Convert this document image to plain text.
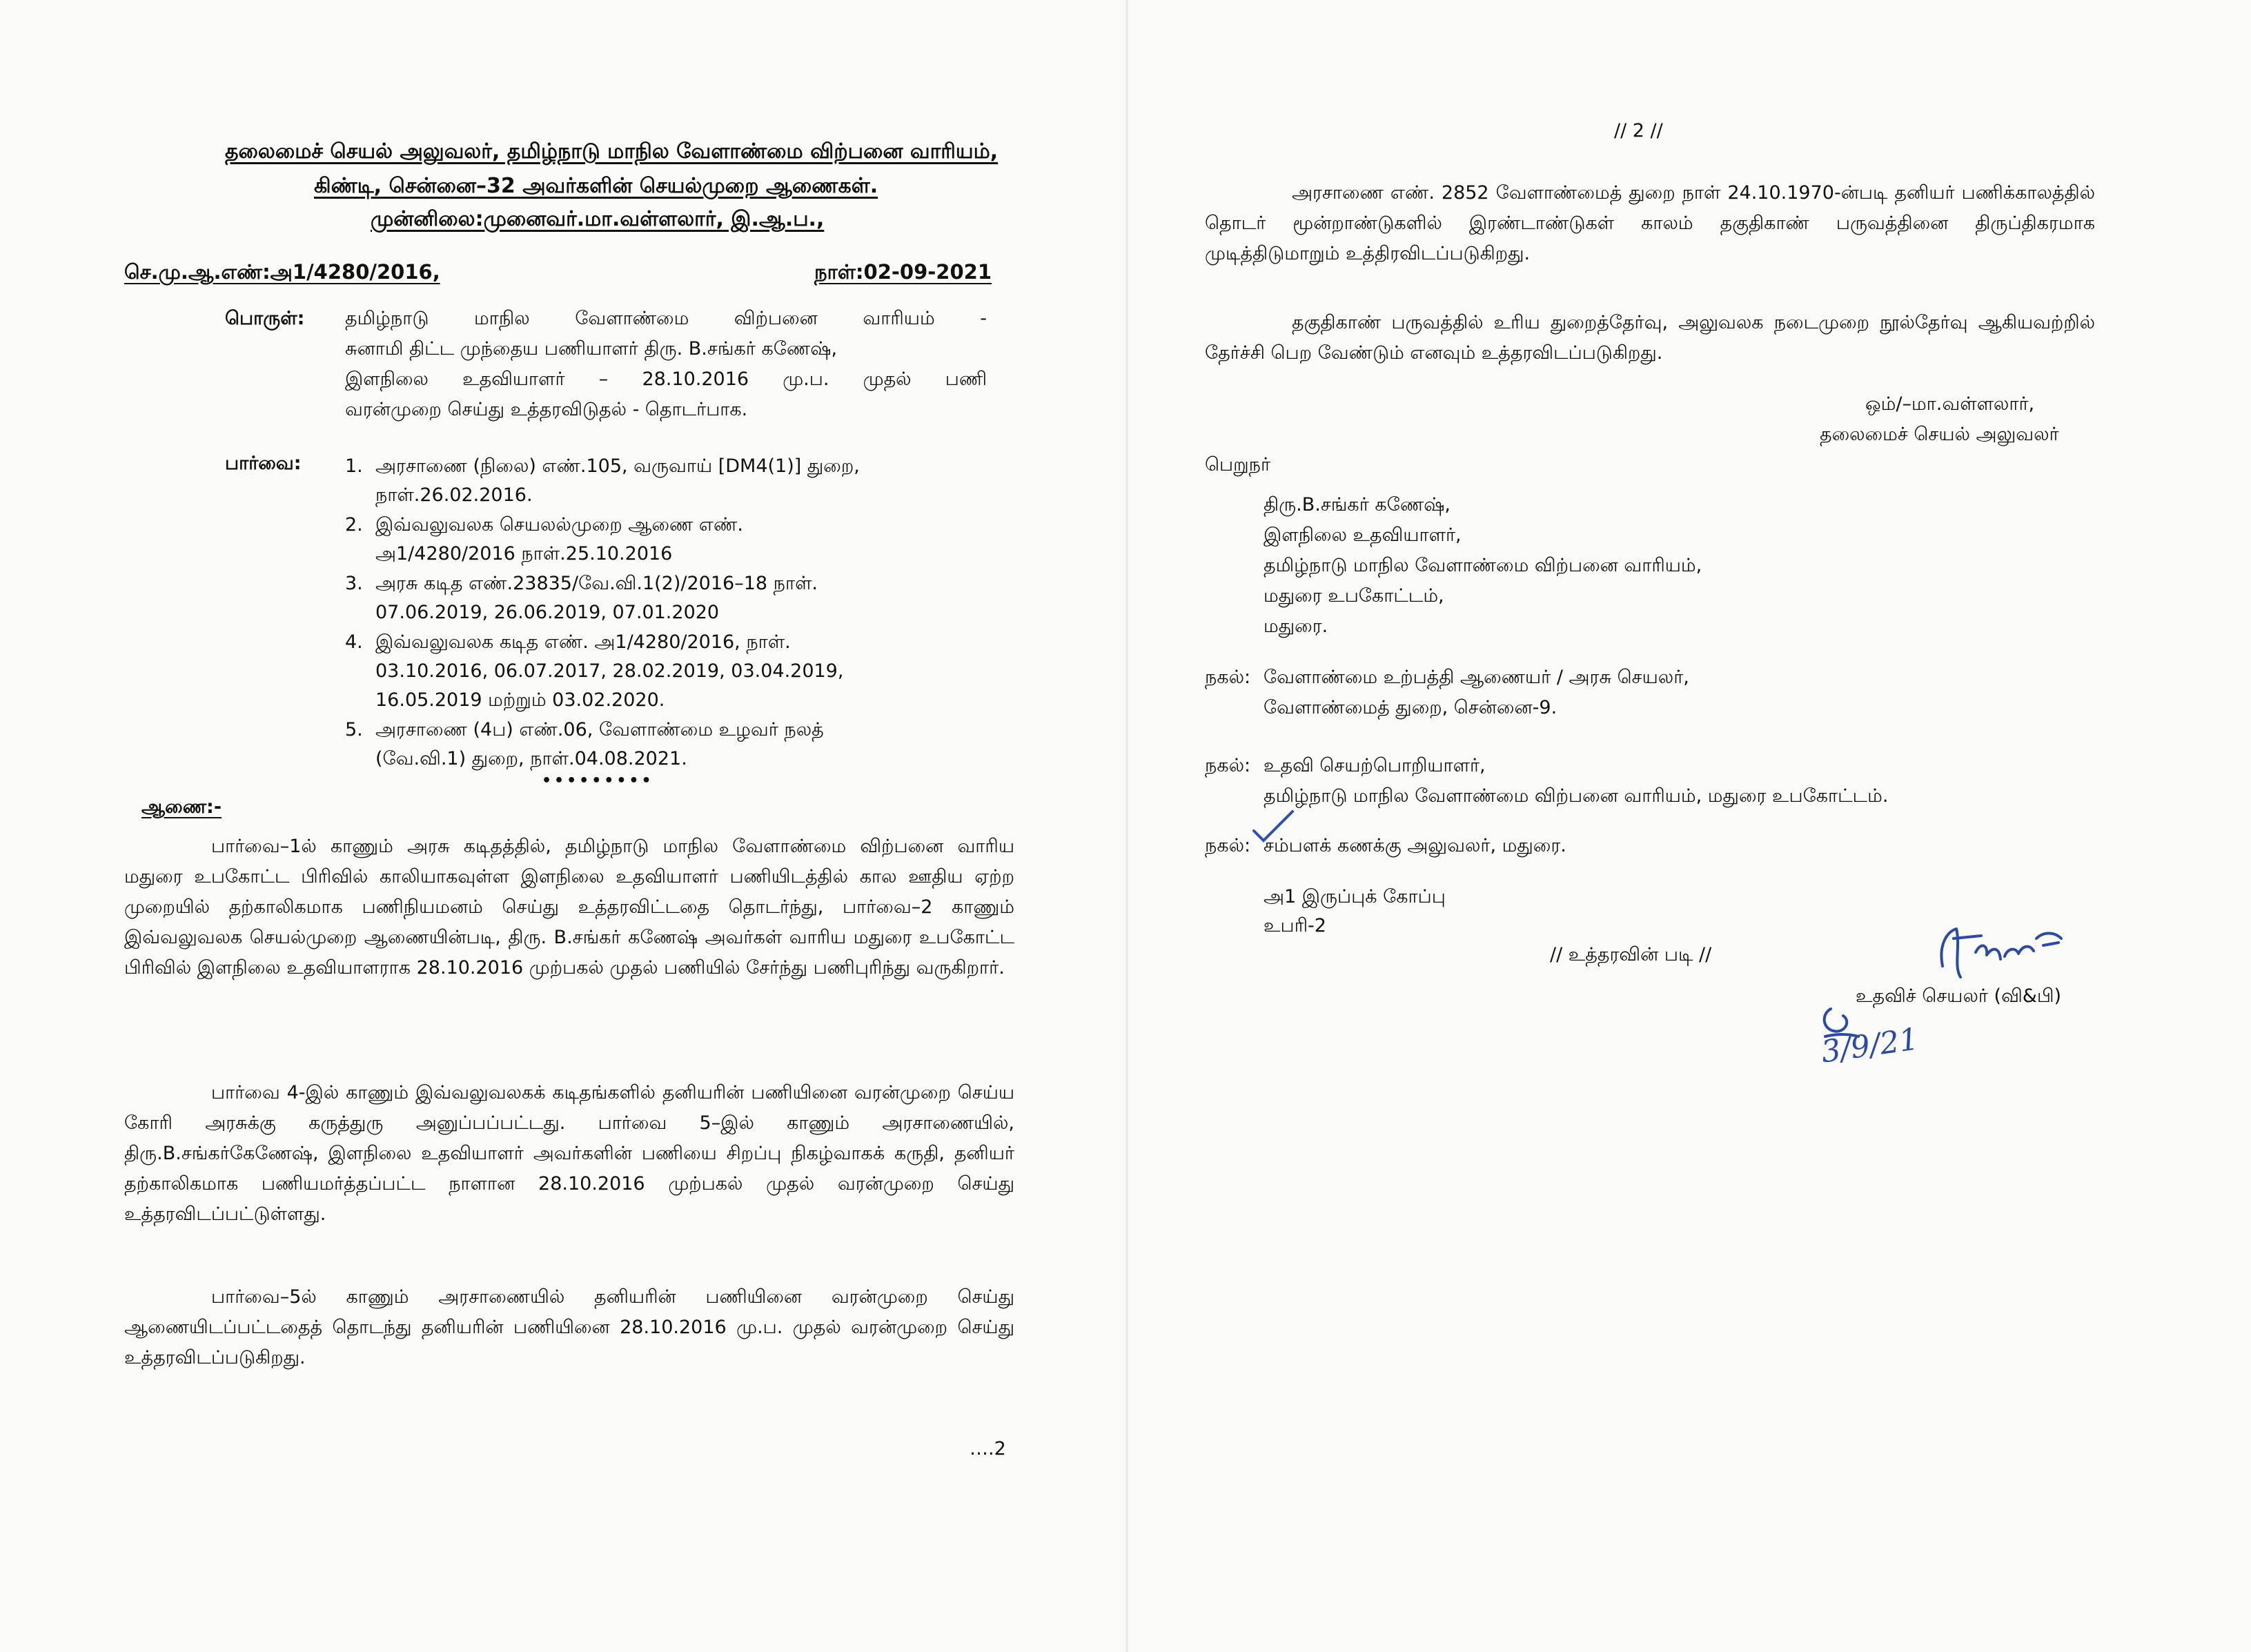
தலைமைச் செயல் அலுவலர், தமிழ்நாடு மாநில வேளாண்மை விற்பனை வாரியம்,
கிண்டி, சென்னை–32 அவர்களின் செயல்முறை ஆணைகள்.
முன்னிலை:முனைவர்.மா.வள்ளலார், இ.ஆ.ப.,
செ.மு.ஆ.எண்:அ1/4280/2016,	நாள்:02-09-2021
பொருள்: தமிழ்நாடு மாநில வேளாண்மை விற்பனை வாரியம் -
சுனாமி திட்ட முந்தைய பணியாளர் திரு. B.சங்கர் கணேஷ்,
இளநிலை உதவியாளர் – 28.10.2016 மு.ப. முதல் பணி
வரன்முறை செய்து உத்தரவிடுதல் - தொடர்பாக.
பார்வை: 1. அரசாணை (நிலை) எண்.105, வருவாய் [DM4(1)] துறை,
நாள்.26.02.2016.
2. இவ்வலுவலக செயலல்முறை ஆணை எண்.
அ1/4280/2016 நாள்.25.10.2016
3. அரசு கடித எண்.23835/வே.வி.1(2)/2016–18 நாள்.
07.06.2019, 26.06.2019, 07.01.2020
4. இவ்வலுவலக கடித எண். அ1/4280/2016, நாள்.
03.10.2016, 06.07.2017, 28.02.2019, 03.04.2019,
16.05.2019 மற்றும் 03.02.2020.
5. அரசாணை (4ப) எண்.06, வேளாண்மை உழவர் நலத்
(வே.வி.1) துறை, நாள்.04.08.2021.
•••••••••
ஆணை:-
பார்வை–1ல் காணும் அரசு கடிதத்தில், தமிழ்நாடு மாநில வேளாண்மை விற்பனை வாரிய மதுரை உபகோட்ட பிரிவில் காலியாகவுள்ள இளநிலை உதவியாளர் பணியிடத்தில் கால ஊதிய ஏற்ற முறையில் தற்காலிகமாக பணிநியமனம் செய்து உத்தரவிட்டதை தொடர்ந்து, பார்வை–2 காணும் இவ்வலுவலக செயல்முறை ஆணையின்படி, திரு. B.சங்கர் கணேஷ் அவர்கள் வாரிய மதுரை உபகோட்ட பிரிவில் இளநிலை உதவியாளராக 28.10.2016 முற்பகல் முதல் பணியில் சேர்ந்து பணிபுரிந்து வருகிறார்.
பார்வை 4-இல் காணும் இவ்வலுவலகக் கடிதங்களில் தனியரின் பணியினை வரன்முறை செய்ய கோரி அரசுக்கு கருத்துரு அனுப்பப்பட்டது. பார்வை 5–இல் காணும் அரசாணையில், திரு.B.சங்கர்கேணேஷ், இளநிலை உதவியாளர் அவர்களின் பணியை சிறப்பு நிகழ்வாகக் கருதி, தனியர் தற்காலிகமாக பணியமர்த்தப்பட்ட நாளான 28.10.2016 முற்பகல் முதல் வரன்முறை செய்து உத்தரவிடப்பட்டுள்ளது.
பார்வை–5ல் காணும் அரசாணையில் தனியரின் பணியினை வரன்முறை செய்து ஆணையிடப்பட்டதைத் தொடந்து தனியரின் பணியினை 28.10.2016 மு.ப. முதல் வரன்முறை செய்து உத்தரவிடப்படுகிறது.
….2
// 2 //
அரசாணை எண். 2852 வேளாண்மைத் துறை நாள் 24.10.1970-ன்படி தனியர் பணிக்காலத்தில் தொடர் மூன்றாண்டுகளில் இரண்டாண்டுகள் காலம் தகுதிகாண் பருவத்தினை திருப்திகரமாக முடித்திடுமாறும் உத்திரவிடப்படுகிறது.
தகுதிகாண் பருவத்தில் உரிய துறைத்தேர்வு, அலுவலக நடைமுறை நூல்தேர்வு ஆகியவற்றில் தேர்ச்சி பெற வேண்டும் எனவும் உத்தரவிடப்படுகிறது.
ஒம்/–மா.வள்ளலார்,
தலைமைச் செயல் அலுவலர்
பெறுநர்
திரு.B.சங்கர் கணேஷ்,
இளநிலை உதவியாளர்,
தமிழ்நாடு மாநில வேளாண்மை விற்பனை வாரியம்,
மதுரை உபகோட்டம்,
மதுரை.
நகல்: வேளாண்மை உற்பத்தி ஆணையர் / அரசு செயலர்,
வேளாண்மைத் துறை, சென்னை-9.
நகல்: உதவி செயற்பொறியாளர்,
தமிழ்நாடு மாநில வேளாண்மை விற்பனை வாரியம், மதுரை உபகோட்டம்.
நகல்: சம்பளக் கணக்கு அலுவலர், மதுரை.
அ1 இருப்புக் கோப்பு
உபரி-2
// உத்தரவின் படி //
உதவிச் செயலர் (வி&பி)
3/9/21
